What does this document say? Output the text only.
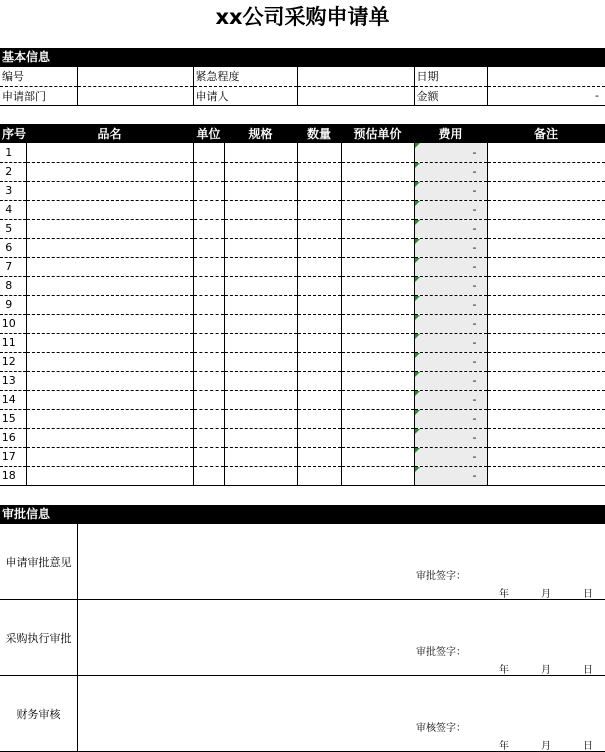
xx公司采购申请单
基本信息
编号		紧急程度		日期	
申请部门		申请人		金额	-
序号	品名	单位	规格	数量	预估单价	费用	备注
1						-	
2						-	
3						-	
4						-	
5						-	
6						-	
7						-	
8						-	
9						-	
10						-	
11						-	
12						-	
13						-	
14						-	
15						-	
16						-	
17						-	
18						-	
审批信息
申请审批意见
审批签字：
年	月	日
采购执行审批
审批签字：
年	月	日
财务审核
审核签字：
年	月	日
